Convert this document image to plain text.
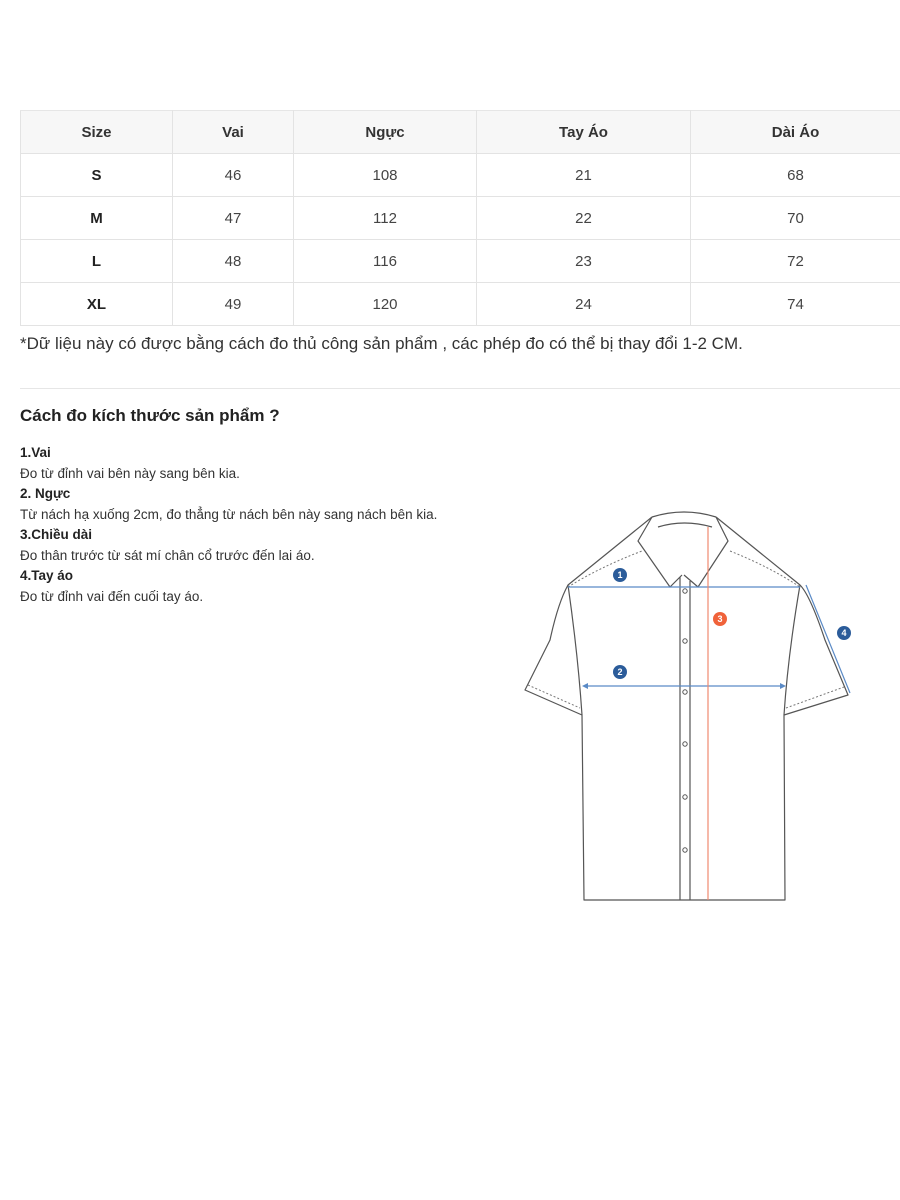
Size	Vai	Ngực	Tay Áo	Dài Áo
S	46	108	21	68
M	47	112	22	70
L	48	116	23	72
XL	49	120	24	74
*Dữ liệu này có được bằng cách đo thủ công sản phẩm , các phép đo có thể bị thay đổi 1-2 CM.
Cách đo kích thước sản phẩm ?
1.Vai
Đo từ đỉnh vai bên này sang bên kia.
2. Ngực
Từ nách hạ xuống 2cm, đo thẳng từ nách bên này sang nách bên kia.
3.Chiều dài
Đo thân trước từ sát mí chân cổ trước đến lai áo.
4.Tay áo
Đo từ đỉnh vai đến cuối tay áo.
1
2
3
4
